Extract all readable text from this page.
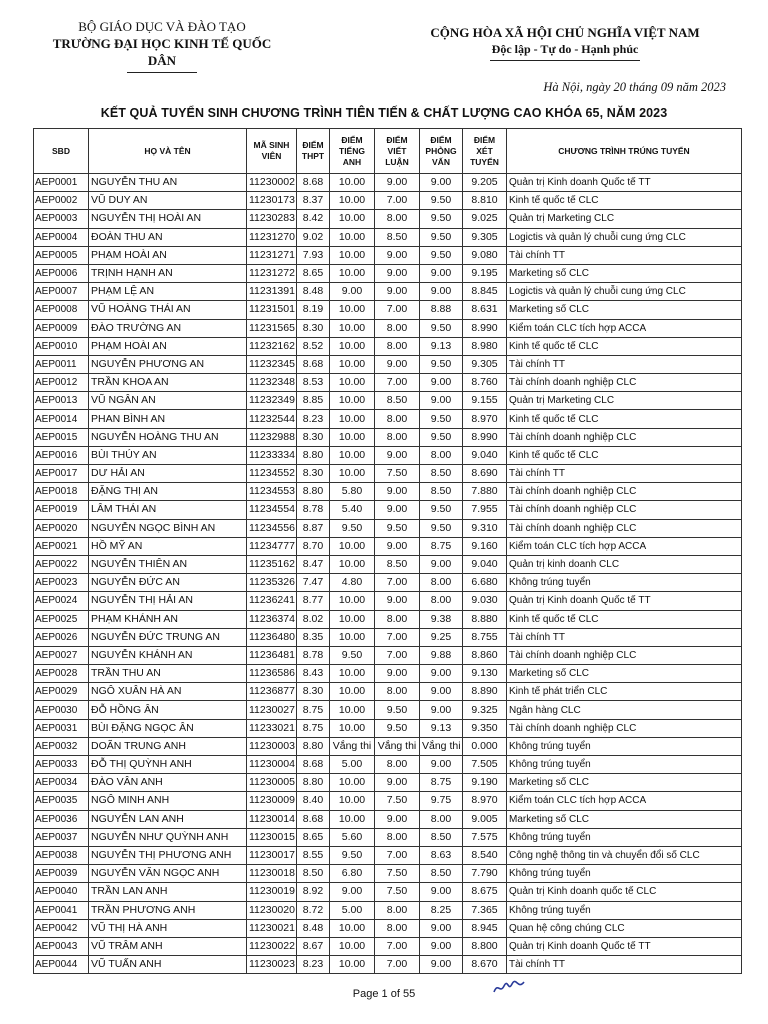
BỘ GIÁO DỤC VÀ ĐÀO TẠO
TRƯỜNG ĐẠI HỌC KINH TẾ QUỐC DÂN
CỘNG HÒA XÃ HỘI CHỦ NGHĨA VIỆT NAM
Độc lập - Tự do - Hạnh phúc
Hà Nội, ngày 20 tháng 09 năm 2023
KẾT QUẢ TUYỂN SINH CHƯƠNG TRÌNH TIÊN TIẾN & CHẤT LƯỢNG CAO KHÓA 65, NĂM 2023
SBD	HỌ VÀ TÊN	MÃ SINH VIÊN	ĐIỂM THPT	ĐIỂM TIẾNG ANH	ĐIỂM VIẾT LUẬN	ĐIỂM PHỎNG VẤN	ĐIỂM XÉT TUYỂN	CHƯƠNG TRÌNH TRÚNG TUYỂN
AEP0001	NGUYỄN THU AN	11230002	8.68	10.00	9.00	9.00	9.205	Quản trị Kinh doanh Quốc tế TT
AEP0002	VŨ DUY AN	11230173	8.37	10.00	7.00	9.50	8.810	Kinh tế quốc tế CLC
AEP0003	NGUYỄN THỊ HOÀI AN	11230283	8.42	10.00	8.00	9.50	9.025	Quản trị Marketing CLC
AEP0004	ĐOÀN THU AN	11231270	9.02	10.00	8.50	9.50	9.305	Logictis và quản lý chuỗi cung ứng CLC
AEP0005	PHẠM HOÀI AN	11231271	7.93	10.00	9.00	9.50	9.080	Tài chính TT
AEP0006	TRỊNH HẠNH AN	11231272	8.65	10.00	9.00	9.00	9.195	Marketing số CLC
AEP0007	PHẠM LỆ AN	11231391	8.48	9.00	9.00	9.00	8.845	Logictis và quản lý chuỗi cung ứng CLC
AEP0008	VŨ HOÀNG THÁI AN	11231501	8.19	10.00	7.00	8.88	8.631	Marketing số CLC
AEP0009	ĐÀO TRƯỜNG AN	11231565	8.30	10.00	8.00	9.50	8.990	Kiểm toán CLC tích hợp ACCA
AEP0010	PHẠM HOÀI AN	11232162	8.52	10.00	8.00	9.13	8.980	Kinh tế quốc tế CLC
AEP0011	NGUYỄN PHƯƠNG AN	11232345	8.68	10.00	9.00	9.50	9.305	Tài chính TT
AEP0012	TRẦN KHOA AN	11232348	8.53	10.00	7.00	9.00	8.760	Tài chính doanh nghiệp CLC
AEP0013	VŨ NGÂN AN	11232349	8.85	10.00	8.50	9.00	9.155	Quản trị Marketing CLC
AEP0014	PHAN BÌNH AN	11232544	8.23	10.00	8.00	9.50	8.970	Kinh tế quốc tế CLC
AEP0015	NGUYỄN HOÀNG THU AN	11232988	8.30	10.00	8.00	9.50	8.990	Tài chính doanh nghiệp CLC
AEP0016	BÙI THÚY AN	11233334	8.80	10.00	9.00	8.00	9.040	Kinh tế quốc tế CLC
AEP0017	DƯ HẢI AN	11234552	8.30	10.00	7.50	8.50	8.690	Tài chính TT
AEP0018	ĐẶNG THỊ AN	11234553	8.80	5.80	9.00	8.50	7.880	Tài chính doanh nghiệp CLC
AEP0019	LÂM THÁI AN	11234554	8.78	5.40	9.00	9.50	7.955	Tài chính doanh nghiệp CLC
AEP0020	NGUYỄN NGỌC BÌNH AN	11234556	8.87	9.50	9.50	9.50	9.310	Tài chính doanh nghiệp CLC
AEP0021	HỒ MỸ AN	11234777	8.70	10.00	9.00	8.75	9.160	Kiểm toán CLC tích hợp ACCA
AEP0022	NGUYỄN THIÊN AN	11235162	8.47	10.00	8.50	9.00	9.040	Quản trị kinh doanh CLC
AEP0023	NGUYỄN ĐỨC AN	11235326	7.47	4.80	7.00	8.00	6.680	Không trúng tuyển
AEP0024	NGUYỄN THỊ HẢI AN	11236241	8.77	10.00	9.00	8.00	9.030	Quản trị Kinh doanh Quốc tế TT
AEP0025	PHẠM KHÁNH AN	11236374	8.02	10.00	8.00	9.38	8.880	Kinh tế quốc tế CLC
AEP0026	NGUYỄN ĐỨC TRUNG AN	11236480	8.35	10.00	7.00	9.25	8.755	Tài chính TT
AEP0027	NGUYỄN KHÁNH AN	11236481	8.78	9.50	7.00	9.88	8.860	Tài chính doanh nghiệp CLC
AEP0028	TRẦN THU AN	11236586	8.43	10.00	9.00	9.00	9.130	Marketing số CLC
AEP0029	NGÔ XUÂN HÀ AN	11236877	8.30	10.00	8.00	9.00	8.890	Kinh tế phát triển CLC
AEP0030	ĐỖ HỒNG ÂN	11230027	8.75	10.00	9.50	9.00	9.325	Ngân hàng CLC
AEP0031	BÙI ĐẶNG NGỌC ÂN	11233021	8.75	10.00	9.50	9.13	9.350	Tài chính doanh nghiệp CLC
AEP0032	DOÃN TRUNG ANH	11230003	8.80	Vắng thi	Vắng thi	Vắng thi	0.000	Không trúng tuyển
AEP0033	ĐỖ THỊ QUỲNH ANH	11230004	8.68	5.00	8.00	9.00	7.505	Không trúng tuyển
AEP0034	ĐÀO VÂN ANH	11230005	8.80	10.00	9.00	8.75	9.190	Marketing số CLC
AEP0035	NGÔ MINH ANH	11230009	8.40	10.00	7.50	9.75	8.970	Kiểm toán CLC tích hợp ACCA
AEP0036	NGUYỄN LAN ANH	11230014	8.68	10.00	9.00	8.00	9.005	Marketing số CLC
AEP0037	NGUYỄN NHƯ QUỲNH ANH	11230015	8.65	5.60	8.00	8.50	7.575	Không trúng tuyển
AEP0038	NGUYỄN THỊ PHƯƠNG ANH	11230017	8.55	9.50	7.00	8.63	8.540	Công nghệ thông tin và chuyển đổi số CLC
AEP0039	NGUYỄN VĂN NGỌC ANH	11230018	8.50	6.80	7.50	8.50	7.790	Không trúng tuyển
AEP0040	TRẦN LAN ANH	11230019	8.92	9.00	7.50	9.00	8.675	Quản trị Kinh doanh quốc tế CLC
AEP0041	TRẦN PHƯƠNG ANH	11230020	8.72	5.00	8.00	8.25	7.365	Không trúng tuyển
AEP0042	VŨ THỊ HÀ ANH	11230021	8.48	10.00	8.00	9.00	8.945	Quan hệ công chúng CLC
AEP0043	VŨ TRÂM ANH	11230022	8.67	10.00	7.00	9.00	8.800	Quản trị Kinh doanh Quốc tế TT
AEP0044	VŨ TUẤN ANH	11230023	8.23	10.00	7.00	9.00	8.670	Tài chính TT
Page 1 of 55
